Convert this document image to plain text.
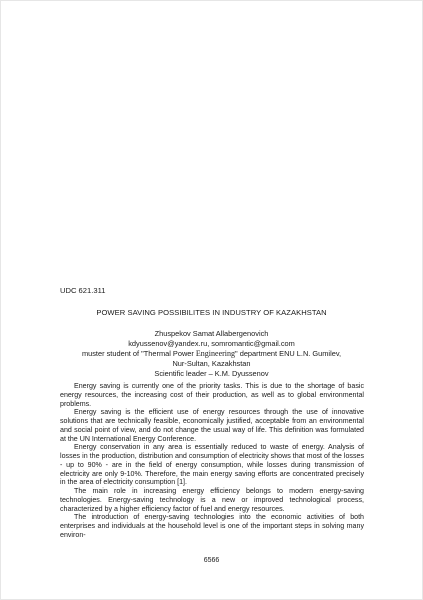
UDC 621.311
POWER SAVING POSSIBILITES IN INDUSTRY OF KAZAKHSTAN
Zhuspekov Samat Allabergenovich
kdyussenov@yandex.ru, somromantic@gmail.com
muster student of "Thermal Power Engineering" department ENU L.N. Gumilev,
Nur-Sultan, Kazakhstan
Scientific leader – K.M. Dyussenov

Energy saving is currently one of the priority tasks. This is due to the shortage of basic energy resources, the increasing cost of their production, as well as to global environmental problems.

Energy saving is the efficient use of energy resources through the use of innovative solutions that are technically feasible, economically justified, acceptable from an environmental and social point of view, and do not change the usual way of life. This definition was formulated at the UN International Energy Conference.

Energy conservation in any area is essentially reduced to waste of energy. Analysis of losses in the production, distribution and consumption of electricity shows that most of the losses - up to 90% - are in the field of energy consumption, while losses during transmission of electricity are only 9-10%. Therefore, the main energy saving efforts are concentrated precisely in the area of electricity consumption [1].

The main role in increasing energy efficiency belongs to modern energy-saving technologies. Energy-saving technology is a new or improved technological process, characterized by a higher efficiency factor of fuel and energy resources.

The introduction of energy-saving technologies into the economic activities of both enterprises and individuals at the household level is one of the important steps in solving many environ-

6566
